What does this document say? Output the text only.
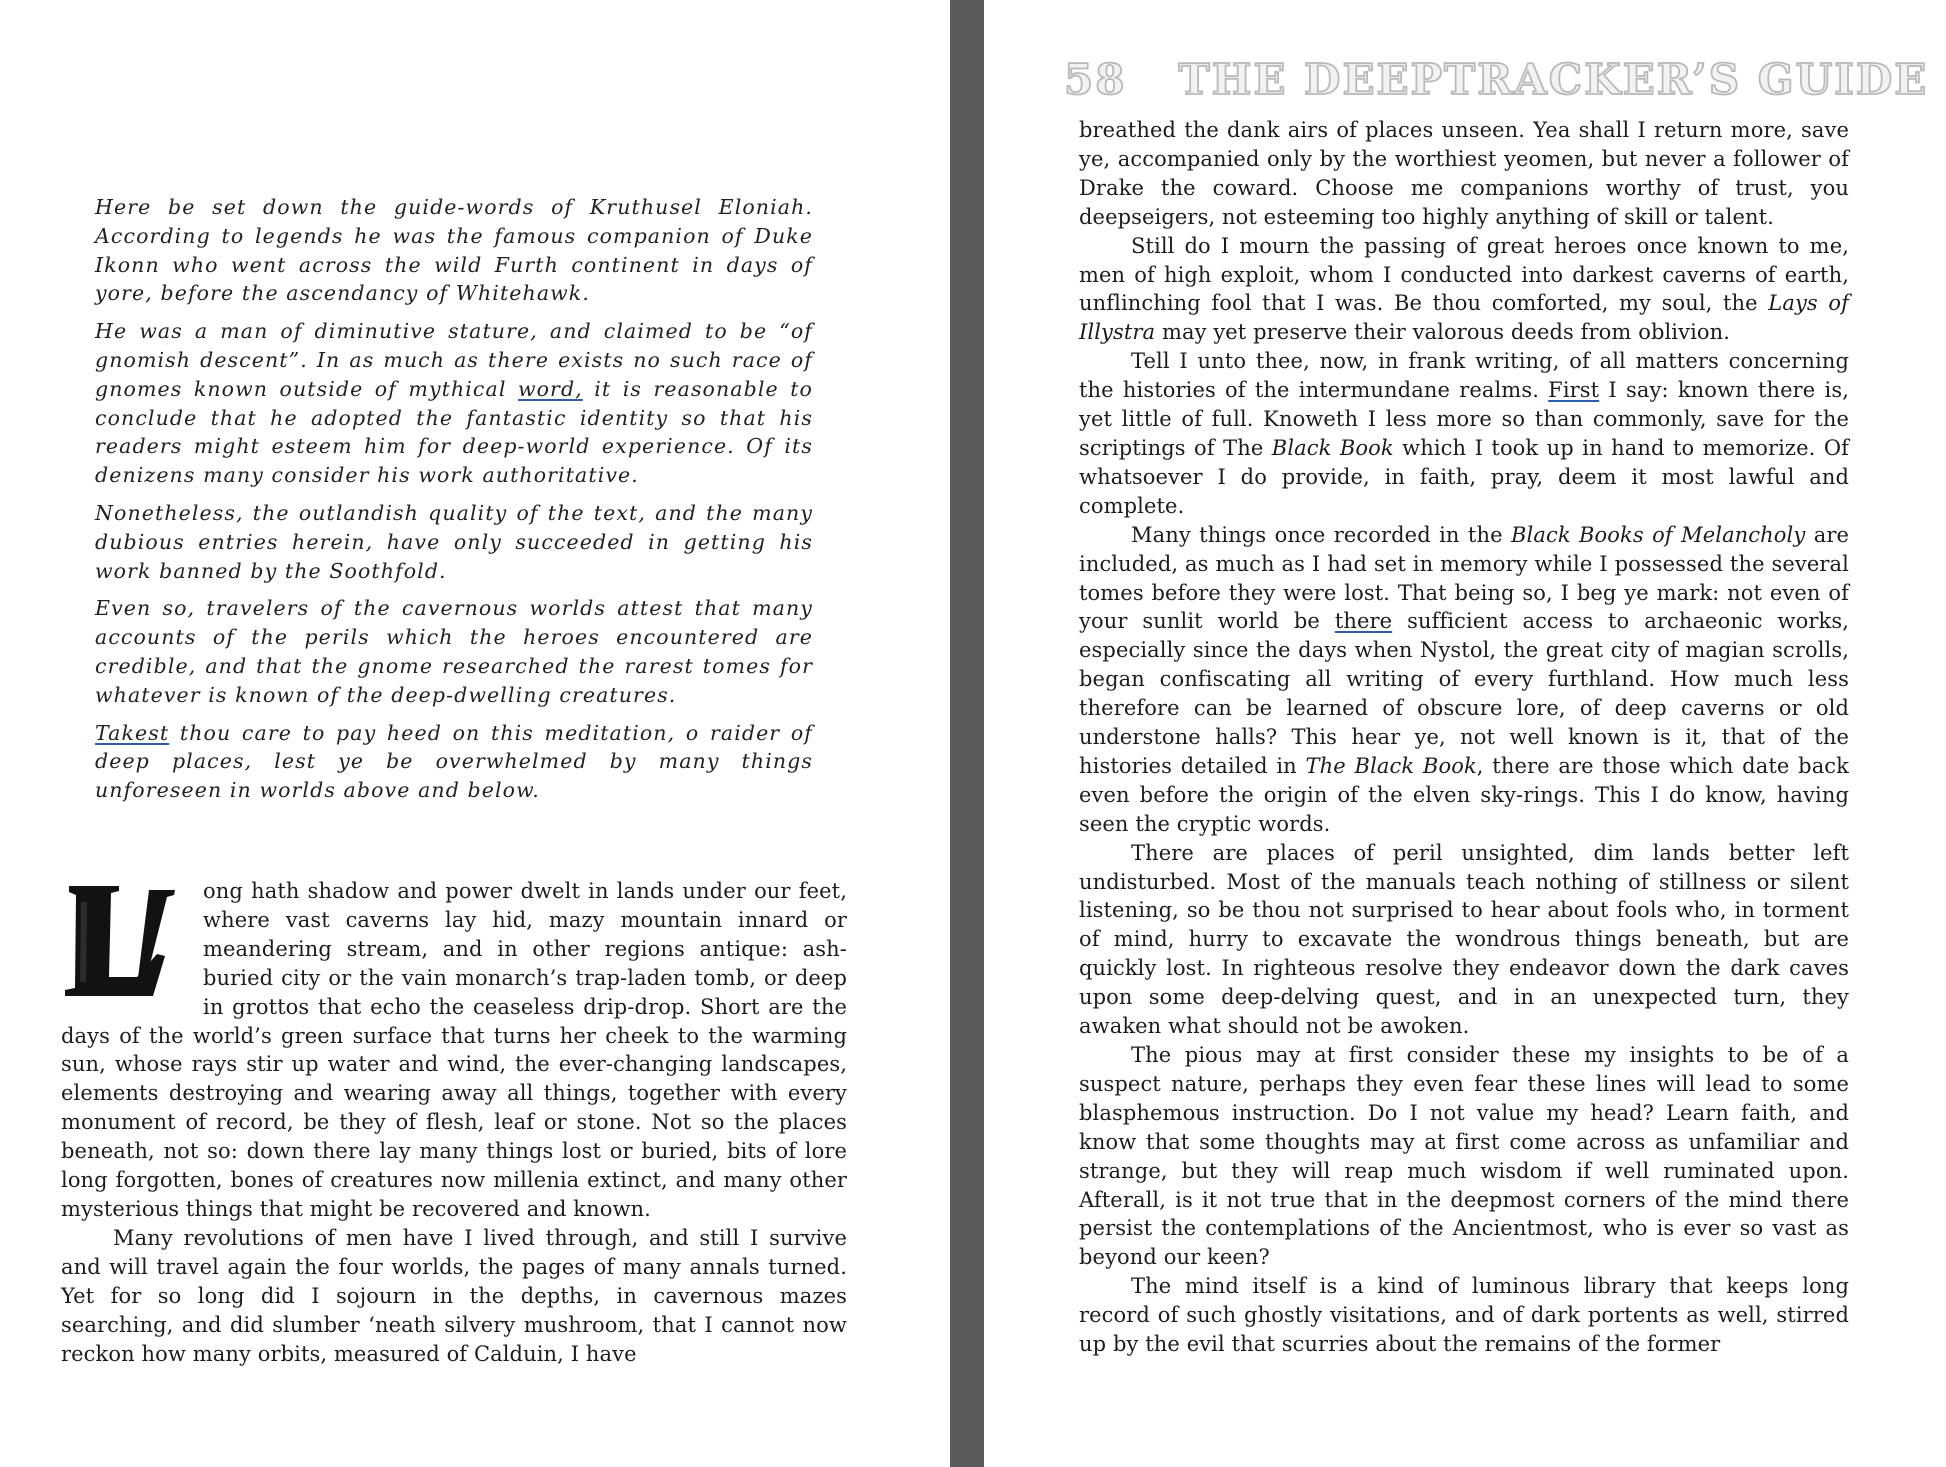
Here be set down the guide-words of Kruthusel Eloniah. According to legends he was the famous companion of Duke Ikonn who went across the wild Furth continent in days of yore, before the ascendancy of Whitehawk.

He was a man of diminutive stature, and claimed to be “of gnomish descent”. In as much as there exists no such race of gnomes known outside of mythical word, it is reasonable to conclude that he adopted the fantastic identity so that his readers might esteem him for deep-world experience. Of its denizens many consider his work authoritative.

Nonetheless, the outlandish quality of the text, and the many dubious entries herein, have only succeeded in getting his work banned by the Soothfold.

Even so, travelers of the cavernous worlds attest that many accounts of the perils which the heroes encountered are credible, and that the gnome researched the rarest tomes for whatever is known of the deep-dwelling creatures.

Takest thou care to pay heed on this meditation, o raider of deep places, lest ye be overwhelmed by many things unforeseen in worlds above and below.

L
ong hath shadow and power dwelt in lands under our feet, where vast caverns lay hid, mazy mountain innard or meandering stream, and in other regions antique: ash-buried city or the vain monarch’s trap-laden tomb, or deep in grottos that echo the ceaseless drip-drop. Short are the days of the world’s green surface that turns her cheek to the warming sun, whose rays stir up water and wind, the ever-changing landscapes, elements destroying and wearing away all things, together with every monument of record, be they of flesh, leaf or stone. Not so the places beneath, not so: down there lay many things lost or buried, bits of lore long forgotten, bones of creatures now millenia extinct, and many other mysterious things that might be recovered and known.

Many revolutions of men have I lived through, and still I survive and will travel again the four worlds, the pages of many annals turned. Yet for so long did I sojourn in the depths, in cavernous mazes searching, and did slumber ‘neath silvery mushroom, that I cannot now reckon how many orbits, measured of Calduin, I have

58 THE DEEPTRACKER’S GUIDE

breathed the dank airs of places unseen. Yea shall I return more, save ye, accompanied only by the worthiest yeomen, but never a follower of Drake the coward. Choose me companions worthy of trust, you deepseigers, not esteeming too highly anything of skill or talent.

Still do I mourn the passing of great heroes once known to me, men of high exploit, whom I conducted into darkest caverns of earth, unflinching fool that I was. Be thou comforted, my soul, the Lays of Illystra may yet preserve their valorous deeds from oblivion.

Tell I unto thee, now, in frank writing, of all matters concerning the histories of the intermundane realms. First I say: known there is, yet little of full. Knoweth I less more so than commonly, save for the scriptings of The Black Book which I took up in hand to memorize. Of whatsoever I do provide, in faith, pray, deem it most lawful and complete.

Many things once recorded in the Black Books of Melancholy are included, as much as I had set in memory while I possessed the several tomes before they were lost. That being so, I beg ye mark: not even of your sunlit world be there sufficient access to archaeonic works, especially since the days when Nystol, the great city of magian scrolls, began confiscating all writing of every furthland. How much less therefore can be learned of obscure lore, of deep caverns or old understone halls? This hear ye, not well known is it, that of the histories detailed in The Black Book, there are those which date back even before the origin of the elven sky-rings. This I do know, having seen the cryptic words.

There are places of peril unsighted, dim lands better left undisturbed. Most of the manuals teach nothing of stillness or silent listening, so be thou not surprised to hear about fools who, in torment of mind, hurry to excavate the wondrous things beneath, but are quickly lost. In righteous resolve they endeavor down the dark caves upon some deep-delving quest, and in an unexpected turn, they awaken what should not be awoken.

The pious may at first consider these my insights to be of a suspect nature, perhaps they even fear these lines will lead to some blasphemous instruction. Do I not value my head? Learn faith, and know that some thoughts may at first come across as unfamiliar and strange, but they will reap much wisdom if well ruminated upon. Afterall, is it not true that in the deepmost corners of the mind there persist the contemplations of the Ancientmost, who is ever so vast as beyond our keen?

The mind itself is a kind of luminous library that keeps long record of such ghostly visitations, and of dark portents as well, stirred up by the evil that scurries about the remains of the former
